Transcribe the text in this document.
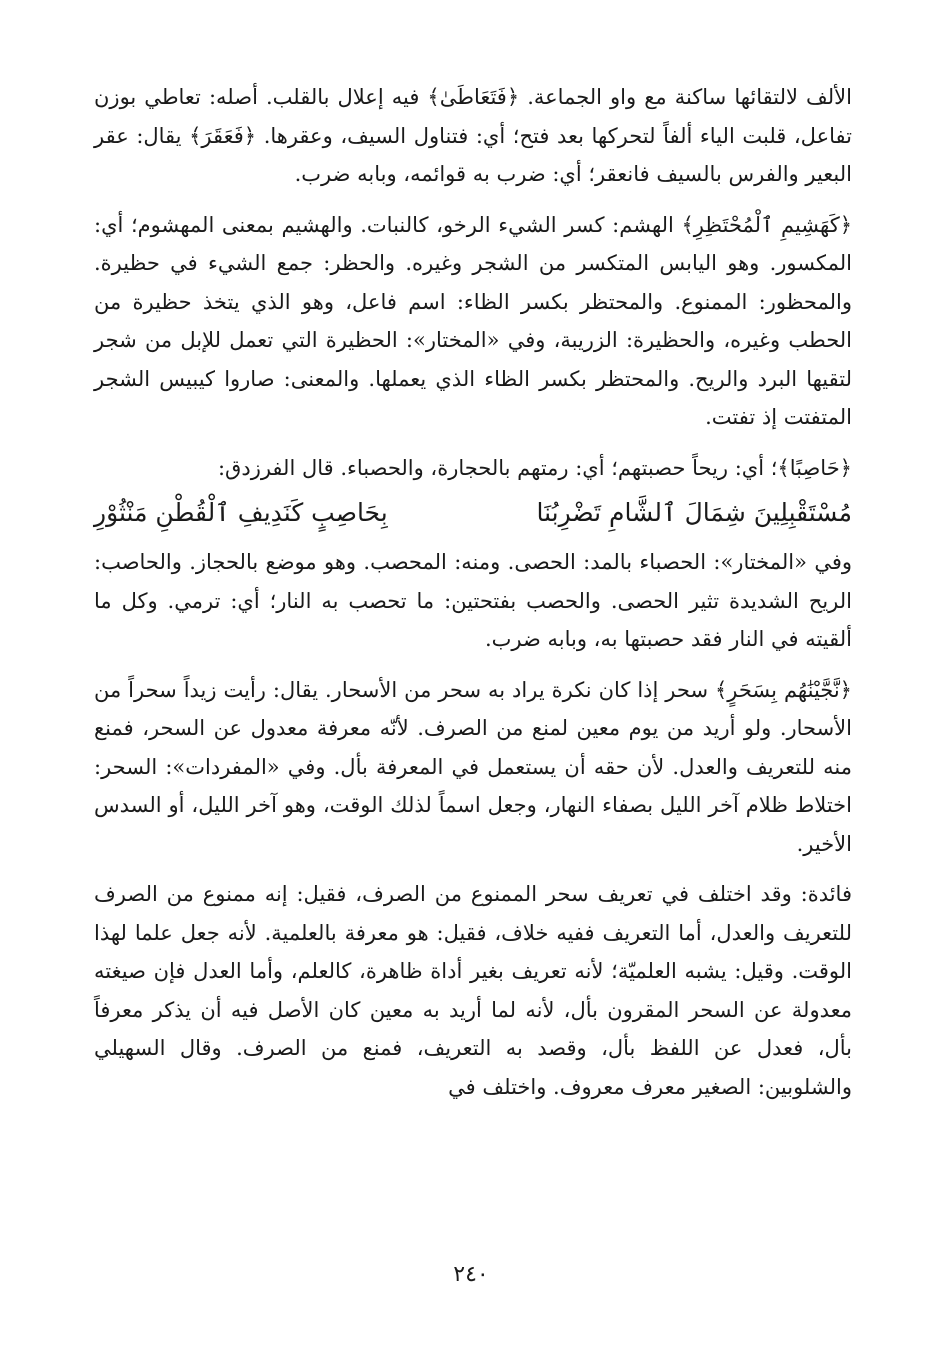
الألف لالتقائها ساكنة مع واو الجماعة. ﴿فَتَعَاطَىٰ﴾ فيه إعلال بالقلب. أصله: تعاطي بوزن تفاعل، قلبت الياء ألفاً لتحركها بعد فتح؛ أي: فتناول السيف، وعقرها. ﴿فَعَقَرَ﴾ يقال: عقر البعير والفرس بالسيف فانعقر؛ أي: ضرب به قوائمه، وبابه ضرب.

﴿كَهَشِيمِ ٱلْمُحْتَظِرِ﴾ الهشم: كسر الشيء الرخو، كالنبات. والهشيم بمعنى المهشوم؛ أي: المكسور. وهو اليابس المتكسر من الشجر وغيره. والحظر: جمع الشيء في حظيرة. والمحظور: الممنوع. والمحتظر بكسر الظاء: اسم فاعل، وهو الذي يتخذ حظيرة من الحطب وغيره، والحظيرة: الزريبة، وفي «المختار»: الحظيرة التي تعمل للإبل من شجر لتقيها البرد والريح. والمحتظر بكسر الظاء الذي يعملها. والمعنى: صاروا كيبيس الشجر المتفتت إذ تفتت.

﴿حَاصِبًا﴾؛ أي: ريحاً حصبتهم؛ أي: رمتهم بالحجارة، والحصباء. قال الفرزدق:

مُسْتَقْبِلِينَ شِمَالَ ٱلشَّامِ تَضْرِبُنَا
بِحَاصِبٍ كَنَدِيفِ ٱلْقُطْنِ مَنْثُوْرِ

وفي «المختار»: الحصباء بالمد: الحصى. ومنه: المحصب. وهو موضع بالحجاز. والحاصب: الريح الشديدة تثير الحصى. والحصب بفتحتين: ما تحصب به النار؛ أي: ترمي. وكل ما ألقيته في النار فقد حصبتها به، وبابه ضرب.

﴿نَّجَّيْنَٰهُم بِسَحَرٍ﴾ سحر إذا كان نكرة يراد به سحر من الأسحار. يقال: رأيت زيداً سحراً من الأسحار. ولو أريد من يوم معين لمنع من الصرف. لأنّه معرفة معدول عن السحر، فمنع منه للتعريف والعدل. لأن حقه أن يستعمل في المعرفة بأل. وفي «المفردات»: السحر: اختلاط ظلام آخر الليل بصفاء النهار، وجعل اسماً لذلك الوقت، وهو آخر الليل، أو السدس الأخير.

فائدة: وقد اختلف في تعريف سحر الممنوع من الصرف، فقيل: إنه ممنوع من الصرف للتعريف والعدل، أما التعريف ففيه خلاف، فقيل: هو معرفة بالعلمية. لأنه جعل علما لهذا الوقت. وقيل: يشبه العلميّة؛ لأنه تعريف بغير أداة ظاهرة، كالعلم، وأما العدل فإن صيغته معدولة عن السحر المقرون بأل، لأنه لما أريد به معين كان الأصل فيه أن يذكر معرفاً بأل، فعدل عن اللفظ بأل، وقصد به التعريف، فمنع من الصرف. وقال السهيلي والشلوبين: الصغير معرف معروف. واختلف في

٢٤٠
